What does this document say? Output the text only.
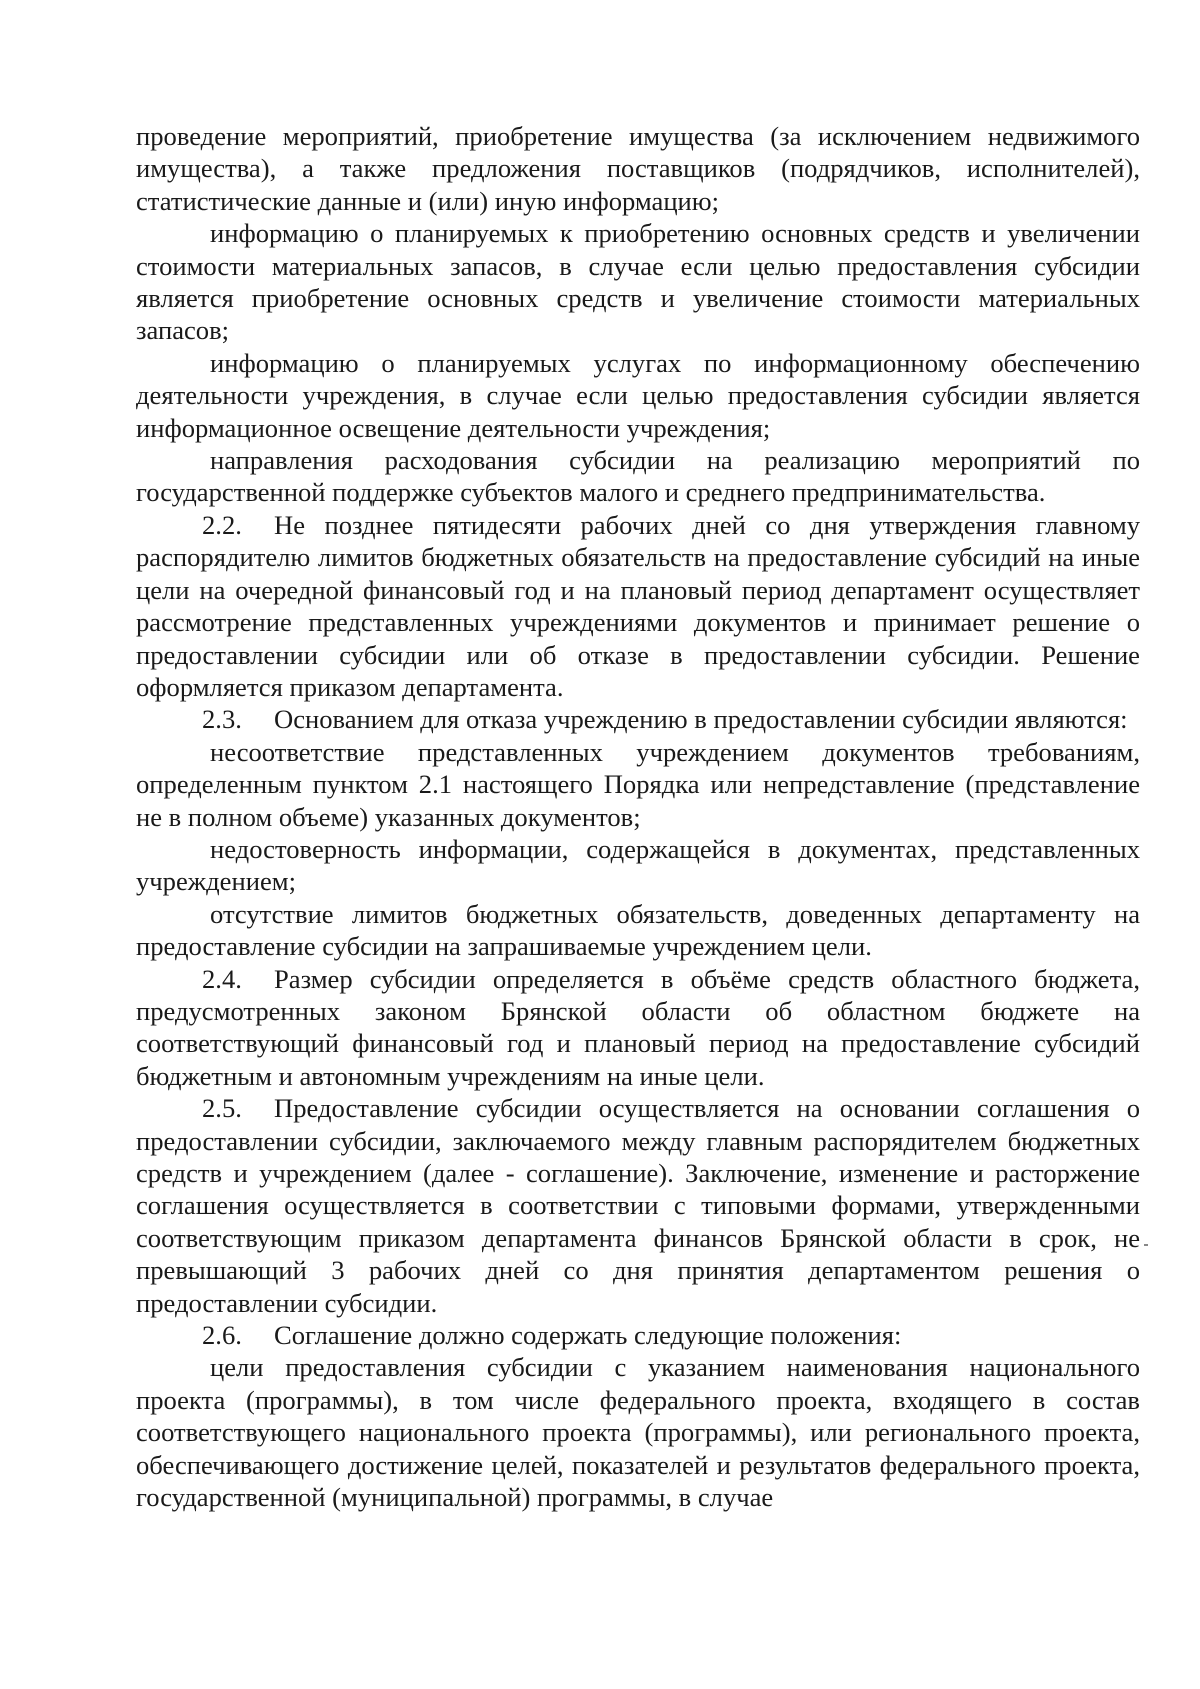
проведение мероприятий, приобретение имущества (за исключением недвижимого имущества), а также предложения поставщиков (подрядчиков, исполнителей), статистические данные и (или) иную информацию;

информацию о планируемых к приобретению основных средств и увеличении стоимости материальных запасов, в случае если целью предоставления субсидии является приобретение основных средств и увеличение стоимости материальных запасов;

информацию о планируемых услугах по информационному обеспечению деятельности учреждения, в случае если целью предоставления субсидии является информационное освещение деятельности учреждения;

направления расходования субсидии на реализацию мероприятий по государственной поддержке субъектов малого и среднего предпринимательства.

2.2. Не позднее пятидесяти рабочих дней со дня утверждения главному распорядителю лимитов бюджетных обязательств на предоставление субсидий на иные цели на очередной финансовый год и на плановый период департамент осуществляет рассмотрение представленных учреждениями документов и принимает решение о предоставлении субсидии или об отказе в предоставлении субсидии. Решение оформляется приказом департамента.

2.3. Основанием для отказа учреждению в предоставлении субсидии являются:

несоответствие представленных учреждением документов требованиям, определенным пунктом 2.1 настоящего Порядка или непредставление (представление не в полном объеме) указанных документов;

недостоверность информации, содержащейся в документах, представленных учреждением;

отсутствие лимитов бюджетных обязательств, доведенных департаменту на предоставление субсидии на запрашиваемые учреждением цели.

2.4. Размер субсидии определяется в объёме средств областного бюджета, предусмотренных законом Брянской области об областном бюджете на соответствующий финансовый год и плановый период на предоставление субсидий бюджетным и автономным учреждениям на иные цели.

2.5. Предоставление субсидии осуществляется на основании соглашения о предоставлении субсидии, заключаемого между главным распорядителем бюджетных средств и учреждением (далее - соглашение). Заключение, изменение и расторжение соглашения осуществляется в соответствии с типовыми формами, утвержденными соответствующим приказом департамента финансов Брянской области в срок, не превышающий 3 рабочих дней со дня принятия департаментом решения о предоставлении субсидии.

2.6. Соглашение должно содержать следующие положения:

цели предоставления субсидии с указанием наименования национального проекта (программы), в том числе федерального проекта, входящего в состав соответствующего национального проекта (программы), или регионального проекта, обеспечивающего достижение целей, показателей и результатов федерального проекта, государственной (муниципальной) программы, в случае
